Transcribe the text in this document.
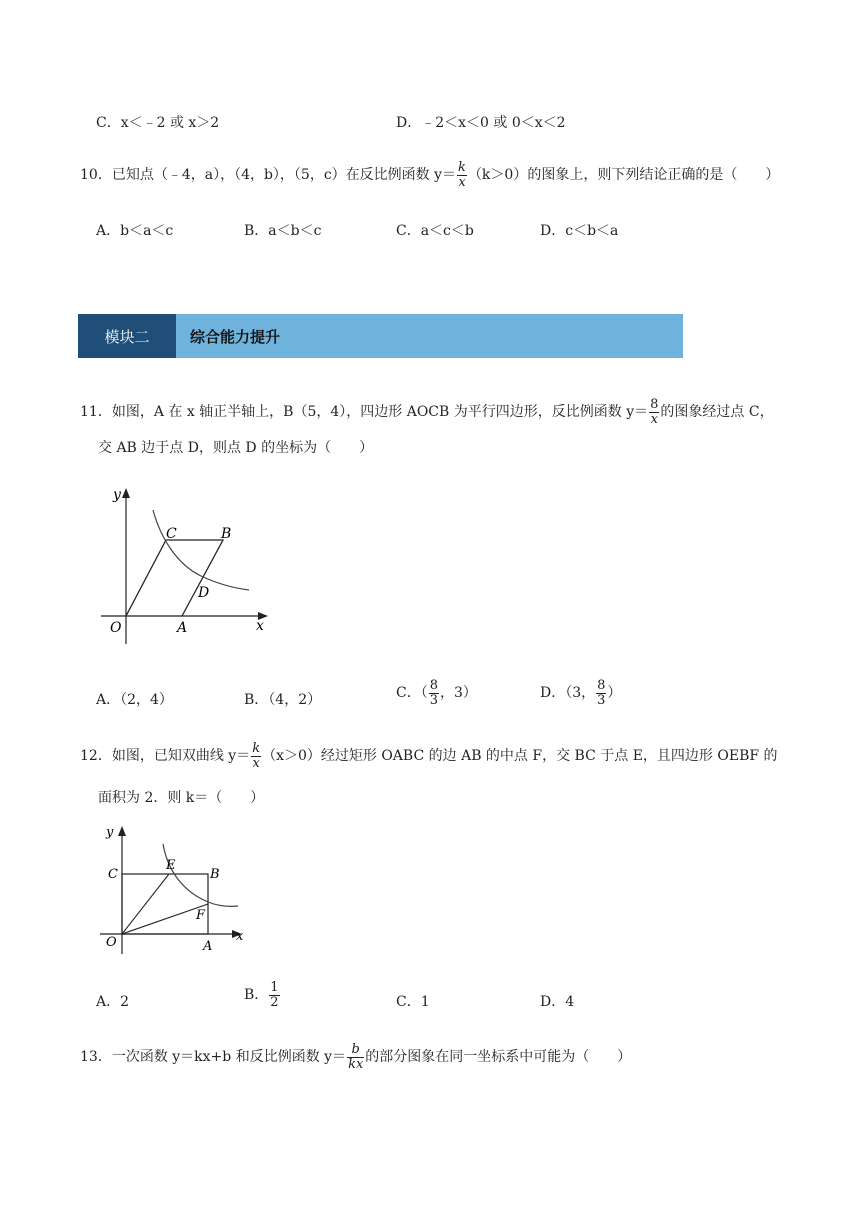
C．x＜﹣2 或 x＞2	D．﹣2＜x＜0 或 0＜x＜2
10．已知点（﹣4，a），（4，b），（5，c）在反比例函数 $y= \frac{k}{x} (k>0)$的图象上，则下列结论正确的是（　　）
A．b＜a＜c	B．a＜b＜c	C．a＜c＜b	D．c＜b＜a
模块二	综合能力提升
11．如图，A 在 x 轴正半轴上，B（5，4），四边形 AOCB 为平行四边形，反比例函数 $y= \frac{8}{x}$ 的图象经过点 C，
交 AB 边于点 D，则点 D 的坐标为（　　）
y
x
O	A
B
C
D
A．（2，4）	B．（4，2）	C．（ $\frac{8}{3}$ ，3）	D．（3， $\frac{8}{3}$ ）
12．如图，已知双曲线 $y= \frac{k}{x} (x>0)$经过矩形 OABC 的边 AB 的中点 F，交 BC 于点 E，且四边形 OEBF 的
面积为 2．则 k＝（　　）
y
x
O	A
B
C
E
F
A．2	B． $\frac{1}{2}$	C．1	D．4
13．一次函数 y＝kx+b 和反比例函数 $y= \frac{b}{kx}$ 的部分图象在同一坐标系中可能为（　　）
